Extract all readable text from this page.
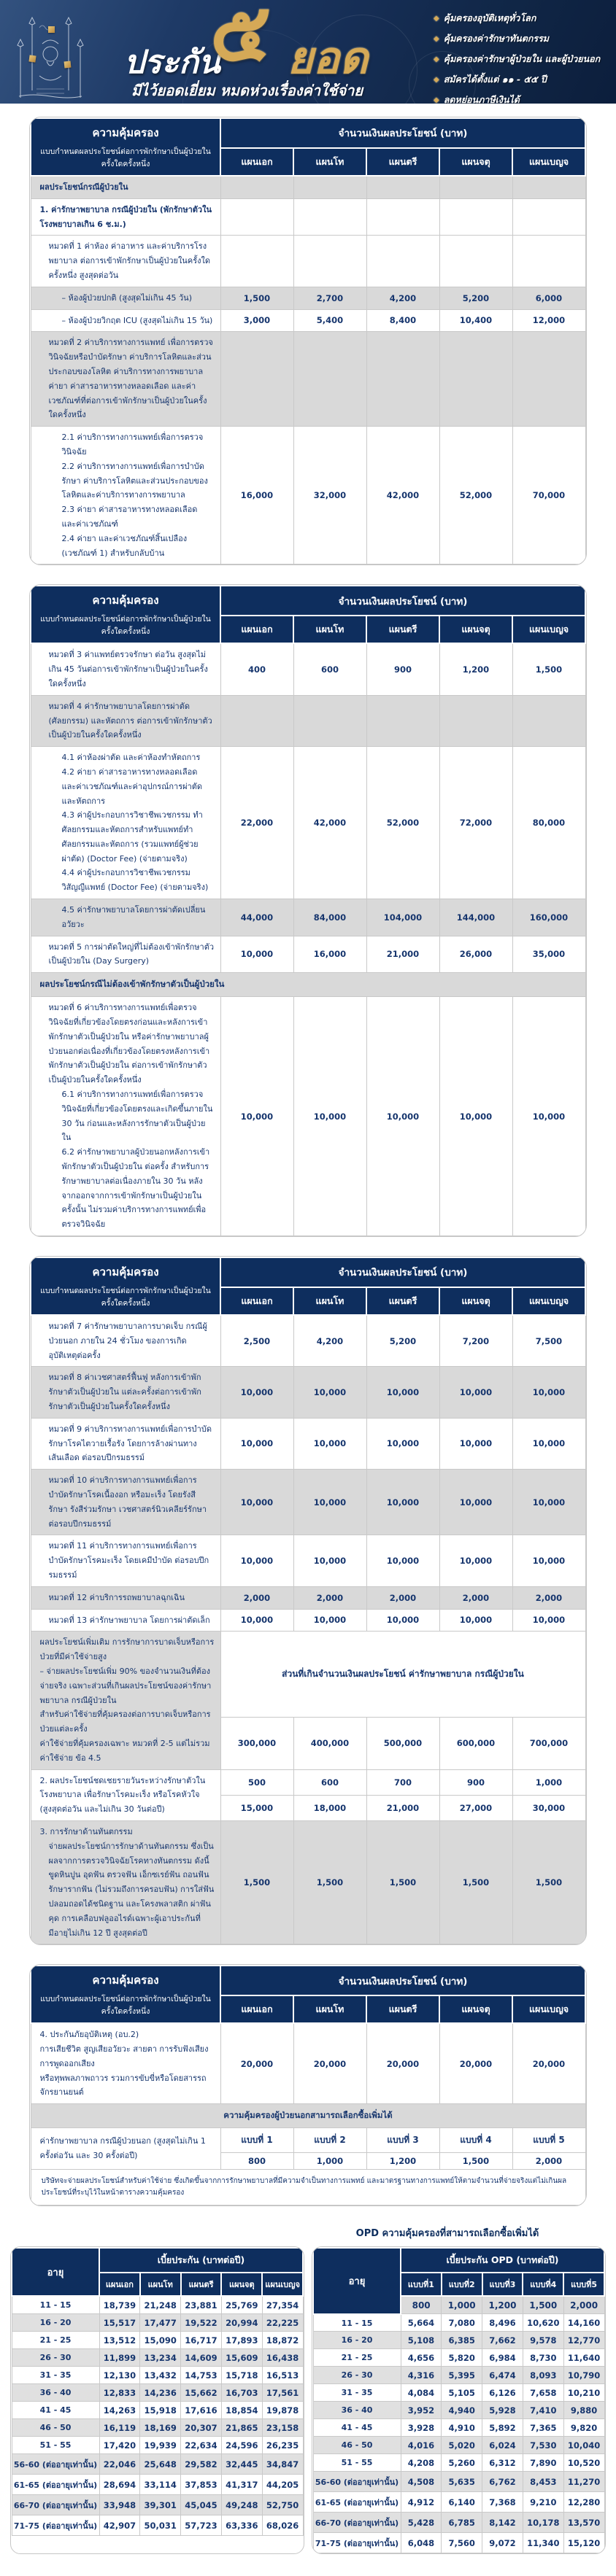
ประกัน
๕ ยอด
มีไว้ยอดเยี่ยม หมดห่วงเรื่องค่าใช้จ่าย
◆ คุ้มครองอุบัติเหตุทั่วโลก
◆ คุ้มครองค่ารักษาทันตกรรม
◆ คุ้มครองค่ารักษาผู้ป่วยใน และผู้ป่วยนอก
◆ สมัครได้ตั้งแต่ ๑๑ - ๕๕ ปี
◆ ลดหย่อนภาษีเงินได้
ความคุ้มครอง
แบบกำหนดผลประโยชน์ต่อการพักรักษาเป็นผู้ป่วยในครั้งใดครั้งหนึ่ง	จำนวนเงินผลประโยชน์ (บาท)				
	แผนเอก	แผนโท	แผนตรี	แผนจตุ	แผนเบญจ

ผลประโยชน์กรณีผู้ป่วยใน					

1. ค่ารักษาพยาบาล กรณีผู้ป่วยใน (พักรักษาตัวในโรงพยาบาลเกิน 6 ช.ม.)					

หมวดที่ 1 ค่าห้อง ค่าอาหาร และค่าบริการโรงพยาบาล ต่อการเข้าพักรักษาเป็นผู้ป่วยในครั้งใดครั้งหนึ่ง สูงสุดต่อวัน					

– ห้องผู้ป่วยปกติ (สูงสุดไม่เกิน 45 วัน)	1,500	2,700	4,200	5,200	6,000

– ห้องผู้ป่วยวิกฤต ICU (สูงสุดไม่เกิน 15 วัน)	3,000	5,400	8,400	10,400	12,000

หมวดที่ 2 ค่าบริการทางการแพทย์ เพื่อการตรวจวินิจฉัยหรือบำบัดรักษา ค่าบริการโลหิตและส่วนประกอบของโลหิต ค่าบริการทางการพยาบาล ค่ายา ค่าสารอาหารทางหลอดเลือด และค่าเวชภัณฑ์ที่ต่อการเข้าพักรักษาเป็นผู้ป่วยในครั้งใดครั้งหนึ่ง					

2.1 ค่าบริการทางการแพทย์เพื่อการตรวจวินิจฉัย
2.2 ค่าบริการทางการแพทย์เพื่อการบำบัดรักษา ค่าบริการโลหิตและส่วนประกอบของโลหิตและค่าบริการทางการพยาบาล
2.3 ค่ายา ค่าสารอาหารทางหลอดเลือด และค่าเวชภัณฑ์
2.4 ค่ายา และค่าเวชภัณฑ์สิ้นเปลือง (เวชภัณฑ์ 1) สำหรับกลับบ้าน	16,000	32,000	42,000	52,000	70,000
ความคุ้มครอง
แบบกำหนดผลประโยชน์ต่อการพักรักษาเป็นผู้ป่วยในครั้งใดครั้งหนึ่ง	จำนวนเงินผลประโยชน์ (บาท)				
	แผนเอก	แผนโท	แผนตรี	แผนจตุ	แผนเบญจ

หมวดที่ 3 ค่าแพทย์ตรวจรักษา ต่อวัน สูงสุดไม่เกิน 45 วันต่อการเข้าพักรักษาเป็นผู้ป่วยในครั้งใดครั้งหนึ่ง	400	600	900	1,200	1,500

หมวดที่ 4 ค่ารักษาพยาบาลโดยการผ่าตัด (ศัลยกรรม) และหัตถการ ต่อการเข้าพักรักษาตัวเป็นผู้ป่วยในครั้งใดครั้งหนึ่ง					

4.1 ค่าห้องผ่าตัด และค่าห้องทำหัตถการ
4.2 ค่ายา ค่าสารอาหารทางหลอดเลือด และค่าเวชภัณฑ์และค่าอุปกรณ์การผ่าตัดและหัตถการ
4.3 ค่าผู้ประกอบการวิชาชีพเวชกรรม ทำศัลยกรรมและหัตถการสำหรับแพทย์ทำศัลยกรรมและหัตถการ (รวมแพทย์ผู้ช่วยผ่าตัด) (Doctor Fee) (จ่ายตามจริง)
4.4 ค่าผู้ประกอบการวิชาชีพเวชกรรม วิสัญญีแพทย์ (Doctor Fee) (จ่ายตามจริง)	22,000	42,000	52,000	72,000	80,000

4.5 ค่ารักษาพยาบาลโดยการผ่าตัดเปลี่ยนอวัยวะ	44,000	84,000	104,000	144,000	160,000

หมวดที่ 5 การผ่าตัดใหญ่ที่ไม่ต้องเข้าพักรักษาตัวเป็นผู้ป่วยใน (Day Surgery)	10,000	16,000	21,000	26,000	35,000
ผลประโยชน์กรณีไม่ต้องเข้าพักรักษาตัวเป็นผู้ป่วยใน					

หมวดที่ 6 ค่าบริการทางการแพทย์เพื่อตรวจวินิจฉัยที่เกี่ยวข้องโดยตรงก่อนและหลังการเข้าพักรักษาตัวเป็นผู้ป่วยใน หรือค่ารักษาพยาบาลผู้ป่วยนอกต่อเนื่องที่เกี่ยวข้องโดยตรงหลังการเข้าพักรักษาตัวเป็นผู้ป่วยใน ต่อการเข้าพักรักษาตัวเป็นผู้ป่วยในครั้งใดครั้งหนึ่ง
6.1 ค่าบริการทางการแพทย์เพื่อการตรวจวินิจฉัยที่เกี่ยวข้องโดยตรงและเกิดขึ้นภายใน 30 วัน ก่อนและหลังการรักษาตัวเป็นผู้ป่วยใน
6.2 ค่ารักษาพยาบาลผู้ป่วยนอกหลังการเข้าพักรักษาตัวเป็นผู้ป่วยใน ต่อครั้ง สำหรับการรักษาพยาบาลต่อเนื่องภายใน 30 วัน หลังจากออกจากการเข้าพักรักษาเป็นผู้ป่วยในครั้งนั้น ไม่รวมค่าบริการทางการแพทย์เพื่อตรวจวินิจฉัย	10,000	10,000	10,000	10,000	10,000
ความคุ้มครอง
แบบกำหนดผลประโยชน์ต่อการพักรักษาเป็นผู้ป่วยในครั้งใดครั้งหนึ่ง	จำนวนเงินผลประโยชน์ (บาท)				
	แผนเอก	แผนโท	แผนตรี	แผนจตุ	แผนเบญจ

หมวดที่ 7 ค่ารักษาพยาบาลการบาดเจ็บ กรณีผู้ป่วยนอก ภายใน 24 ชั่วโมง ของการเกิดอุบัติเหตุต่อครั้ง	2,500	4,200	5,200	7,200	7,500

หมวดที่ 8 ค่าเวชศาสตร์ฟื้นฟู หลังการเข้าพักรักษาตัวเป็นผู้ป่วยใน แต่ละครั้งต่อการเข้าพักรักษาตัวเป็นผู้ป่วยในครั้งใดครั้งหนึ่ง	10,000	10,000	10,000	10,000	10,000

หมวดที่ 9 ค่าบริการทางการแพทย์เพื่อการบำบัดรักษาโรคไตวายเรื้อรัง โดยการล้างผ่านทางเส้นเลือด ต่อรอบปีกรมธรรม์	10,000	10,000	10,000	10,000	10,000

หมวดที่ 10 ค่าบริการทางการแพทย์เพื่อการบำบัดรักษาโรคเนื้องอก หรือมะเร็ง โดยรังสีรักษา รังสีร่วมรักษา เวชศาสตร์นิวเคลียร์รักษา ต่อรอบปีกรมธรรม์	10,000	10,000	10,000	10,000	10,000

หมวดที่ 11 ค่าบริการทางการแพทย์เพื่อการบำบัดรักษาโรคมะเร็ง โดยเคมีบำบัด ต่อรอบปีกรมธรรม์	10,000	10,000	10,000	10,000	10,000

หมวดที่ 12 ค่าบริการรถพยาบาลฉุกเฉิน	2,000	2,000	2,000	2,000	2,000

หมวดที่ 13 ค่ารักษาพยาบาล โดยการผ่าตัดเล็ก	10,000	10,000	10,000	10,000	10,000

ผลประโยชน์เพิ่มเติม การรักษาการบาดเจ็บหรือการป่วยที่มีค่าใช้จ่ายสูง
– จ่ายผลประโยชน์เพิ่ม 90% ของจำนวนเงินที่ต้องจ่ายจริง เฉพาะส่วนที่เกินผลประโยชน์ของค่ารักษาพยาบาล กรณีผู้ป่วยใน
สำหรับค่าใช้จ่ายที่คุ้มครองต่อการบาดเจ็บหรือการป่วยแต่ละครั้ง
ค่าใช้จ่ายที่คุ้มครองเฉพาะ หมวดที่ 2-5 แต่ไม่รวมค่าใช้จ่าย ข้อ 4.5	ส่วนที่เกินจำนวนเงินผลประโยชน์ ค่ารักษาพยาบาล กรณีผู้ป่วยใน				
	300,000	400,000	500,000	600,000	700,000

2. ผลประโยชน์ชดเชยรายวันระหว่างรักษาตัวในโรงพยาบาล เพื่อรักษาโรคมะเร็ง หรือโรคหัวใจ
(สูงสุดต่อวัน และไม่เกิน 30 วันต่อปี)	500	600	700	900	1,000
	15,000	18,000	21,000	27,000	30,000

3. การรักษาด้านทันตกรรม
จ่ายผลประโยชน์การรักษาด้านทันตกรรม ซึ่งเป็นผลจากการตรวจวินิจฉัยโรคทางทันตกรรม ดังนี้ ขูดหินปูน อุดฟัน ตรวจฟัน เอ็กซเรย์ฟัน ถอนฟัน รักษารากฟัน (ไม่รวมถึงการครอบฟัน) การใส่ฟันปลอมถอดได้ชนิดฐาน และโครงพลาสติก ผ่าฟันคุด การเคลือบฟลูออไรด์เฉพาะผู้เอาประกันที่มีอายุไม่เกิน 12 ปี สูงสุดต่อปี	1,500	1,500	1,500	1,500	1,500
ความคุ้มครอง
แบบกำหนดผลประโยชน์ต่อการพักรักษาเป็นผู้ป่วยในครั้งใดครั้งหนึ่ง	จำนวนเงินผลประโยชน์ (บาท)				
	แผนเอก	แผนโท	แผนตรี	แผนจตุ	แผนเบญจ

4. ประกันภัยอุบัติเหตุ (อบ.2)
การเสียชีวิต สูญเสียอวัยวะ สายตา การรับฟังเสียง การพูดออกเสียง
หรือทุพพลภาพถาวร รวมการขับขี่หรือโดยสารรถจักรยานยนต์	20,000	20,000	20,000	20,000	20,000
ความคุ้มครองผู้ป่วยนอกสามารถเลือกซื้อเพิ่มได้					

ค่ารักษาพยาบาล กรณีผู้ป่วยนอก (สูงสุดไม่เกิน 1 ครั้งต่อวัน และ 30 ครั้งต่อปี)	แบบที่ 1	แบบที่ 2	แบบที่ 3	แบบที่ 4	แบบที่ 5
	800	1,000	1,200	1,500	2,000
บริษัทจะจ่ายผลประโยชน์สำหรับค่าใช้จ่าย ซึ่งเกิดขึ้นจากการรักษาพยาบาลที่มีความจำเป็นทางการแพทย์ และมาตรฐานทางการแพทย์ให้ตามจำนวนที่จ่ายจริงแต่ไม่เกินผลประโยชน์ที่ระบุไว้ในหน้าตารางความคุ้มครอง					
OPD ความคุ้มครองที่สามารถเลือกซื้อเพิ่มได้
อายุ	เบี้ยประกัน (บาทต่อปี)				
	แผนเอก	แผนโท	แผนตรี	แผนจตุ	แผนเบญจ
11 - 15	18,739	21,248	23,881	25,769	27,354
16 - 20	15,517	17,477	19,522	20,994	22,225
21 - 25	13,512	15,090	16,717	17,893	18,872
26 - 30	11,899	13,234	14,609	15,609	16,438
31 - 35	12,130	13,432	14,753	15,718	16,513
36 - 40	12,833	14,236	15,662	16,703	17,561
41 - 45	14,263	15,918	17,616	18,854	19,878
46 - 50	16,119	18,169	20,307	21,865	23,158
51 - 55	17,420	19,939	22,634	24,596	26,235
56-60 (ต่ออายุเท่านั้น)	22,046	25,648	29,582	32,445	34,847
61-65 (ต่ออายุเท่านั้น)	28,694	33,114	37,853	41,317	44,205
66-70 (ต่ออายุเท่านั้น)	33,948	39,301	45,045	49,248	52,750
71-75 (ต่ออายุเท่านั้น)	42,907	50,031	57,723	63,336	68,026
อายุ	เบี้ยประกัน OPD (บาทต่อปี)				
	แบบที่1	แบบที่2	แบบที่3	แบบที่4	แบบที่5
	800	1,000	1,200	1,500	2,000
11 - 15	5,664	7,080	8,496	10,620	14,160
16 - 20	5,108	6,385	7,662	9,578	12,770
21 - 25	4,656	5,820	6,984	8,730	11,640
26 - 30	4,316	5,395	6,474	8,093	10,790
31 - 35	4,084	5,105	6,126	7,658	10,210
36 - 40	3,952	4,940	5,928	7,410	9,880
41 - 45	3,928	4,910	5,892	7,365	9,820
46 - 50	4,016	5,020	6,024	7,530	10,040
51 - 55	4,208	5,260	6,312	7,890	10,520
56-60 (ต่ออายุเท่านั้น)	4,508	5,635	6,762	8,453	11,270
61-65 (ต่ออายุเท่านั้น)	4,912	6,140	7,368	9,210	12,280
66-70 (ต่ออายุเท่านั้น)	5,428	6,785	8,142	10,178	13,570
71-75 (ต่ออายุเท่านั้น)	6,048	7,560	9,072	11,340	15,120
